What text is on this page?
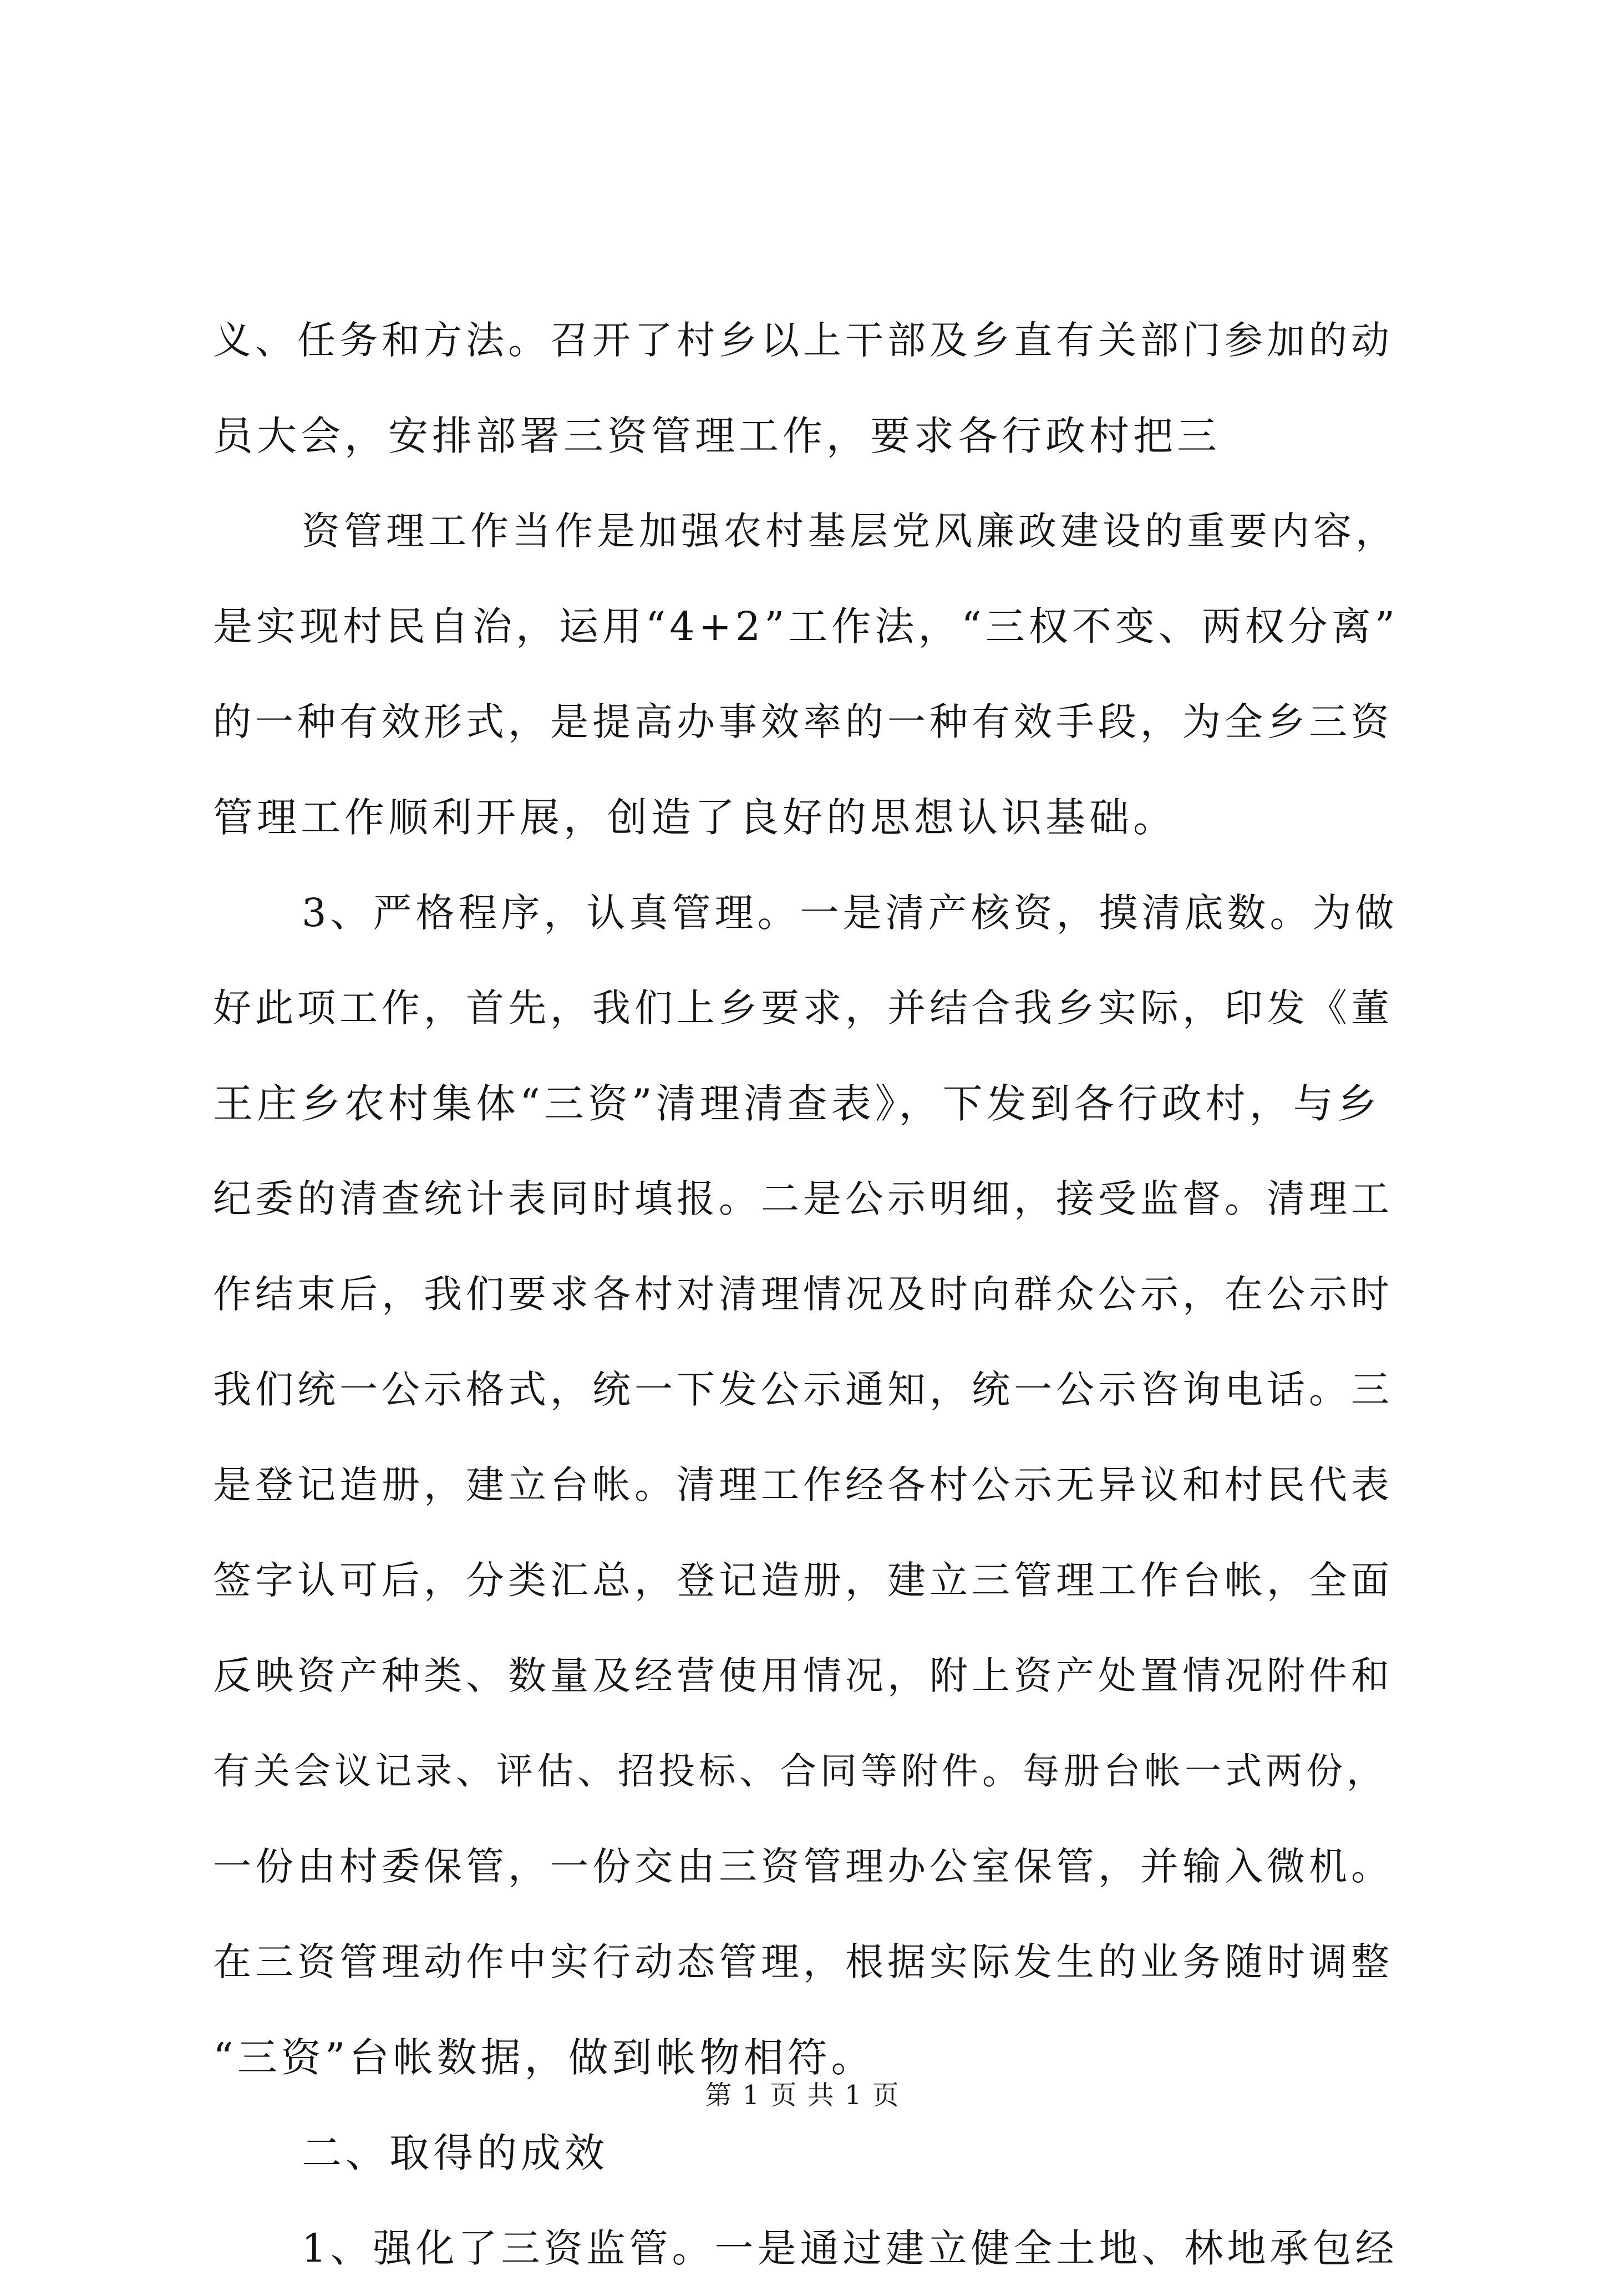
义、任务和方法。召开了村乡以上干部及乡直有关部门参加的动
员大会，安排部署三资管理工作，要求各行政村把三
资管理工作当作是加强农村基层党风廉政建设的重要内容，
是实现村民自治，运用“4+2”工作法，“三权不变、两权分离”
的一种有效形式，是提高办事效率的一种有效手段，为全乡三资
管理工作顺利开展，创造了良好的思想认识基础。
3、严格程序，认真管理。一是清产核资，摸清底数。为做
好此项工作，首先，我们上乡要求，并结合我乡实际，印发《董
王庄乡农村集体“三资”清理清查表》，下发到各行政村，与乡
纪委的清查统计表同时填报。二是公示明细，接受监督。清理工
作结束后，我们要求各村对清理情况及时向群众公示，在公示时
我们统一公示格式，统一下发公示通知，统一公示咨询电话。三
是登记造册，建立台帐。清理工作经各村公示无异议和村民代表
签字认可后，分类汇总，登记造册，建立三管理工作台帐，全面
反映资产种类、数量及经营使用情况，附上资产处置情况附件和
有关会议记录、评估、招投标、合同等附件。每册台帐一式两份，
一份由村委保管，一份交由三资管理办公室保管，并输入微机。
在三资管理动作中实行动态管理，根据实际发生的业务随时调整
“三资”台帐数据，做到帐物相符。
二、取得的成效
1、强化了三资监管。一是通过建立健全土地、林地承包经
第 1 页 共 1 页
